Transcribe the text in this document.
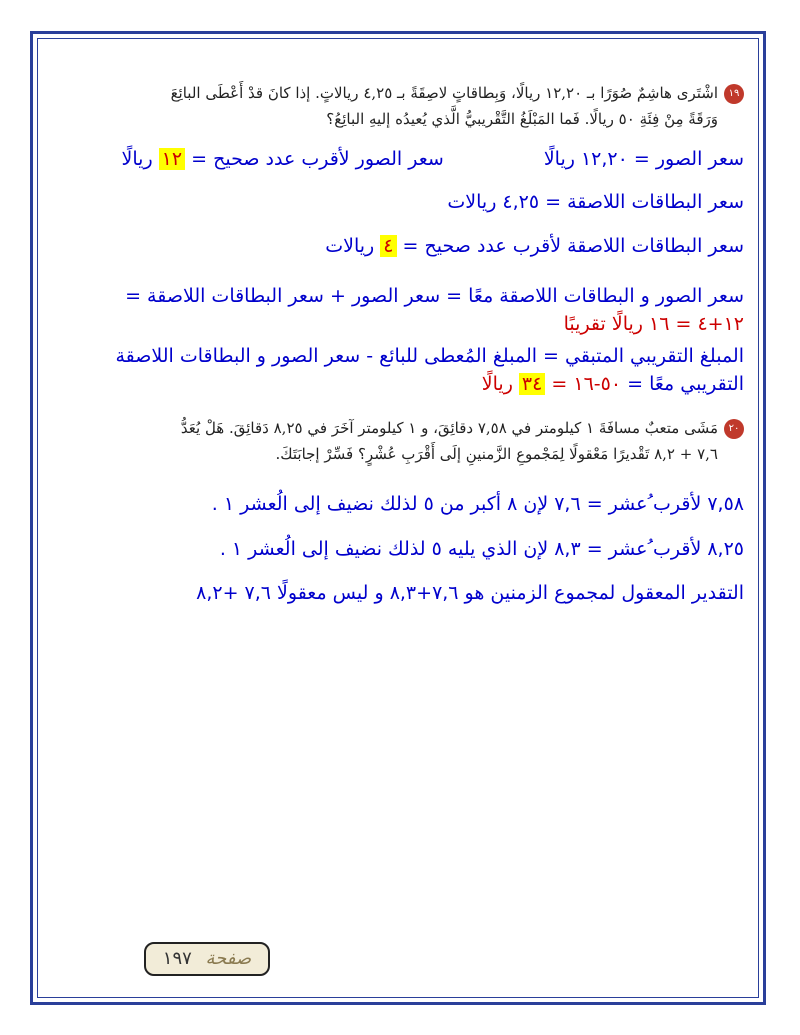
١٩اشْتَرى هاشِمٌ صُوَرًا بـ ١٢,٢٠ ريالًا، وَبِطاقاتٍ لاصِقَةً بـ ٤,٢٥ ريالاتٍ. إذا كانَ قدْ أَعْطَى البائِعَ
وَرَقَةً مِنْ فِئَةِ ٥٠ ريالًا. فَما المَبْلَغُ التَّقْريبيُّ الَّذي يُعيدُه إليهِ البائِعُ؟
سعر الصور = ١٢,٢٠ ريالًاسعر الصور لأقرب عدد صحيح = ١٢ ريالًا
سعر البطاقات اللاصقة = ٤,٢٥ ريالات
سعر البطاقات اللاصقة لأقرب عدد صحيح = ٤ ريالات
سعر الصور و البطاقات اللاصقة معًا = سعر الصور + سعر البطاقات اللاصقة =
١٢+٤ = ١٦ ريالًا تقريبًا
المبلغ التقريبي المتبقي = المبلغ المُعطى للبائع - سعر الصور و البطاقات اللاصقة
التقريبي معًا = ٥٠-١٦ = ٣٤ ريالًا
٢٠مَشَى متعبٌ مسافَةَ ١ كيلومتر في ٧,٥٨ دقائِقَ، و ١ كيلومتر آخَرَ في ٨,٢٥ دَقائِقَ. هَلْ يُعَدُّ
٧,٦ + ٨,٢ تَقْديرًا مَعْقولًا لِمَجْموعِ الزَّمنينِ إلَى أَقْرَبِ عُشْرٍ؟ فَسِّرْ إجابَتَكَ.
٧,٥٨ لأقرب ُعشر = ٧,٦ لإن ٨ أكبر من ٥ لذلك نضيف إلى الُعشر ١ .
٨,٢٥ لأقرب ُعشر = ٨,٣ لإن الذي يليه ٥ لذلك نضيف إلى الُعشر ١ .
التقدير المعقول لمجموع الزمنين هو ٧,٦+٨,٣ و ليس معقولًا ٧,٦ +٨,٢
صفحة ١٩٧
